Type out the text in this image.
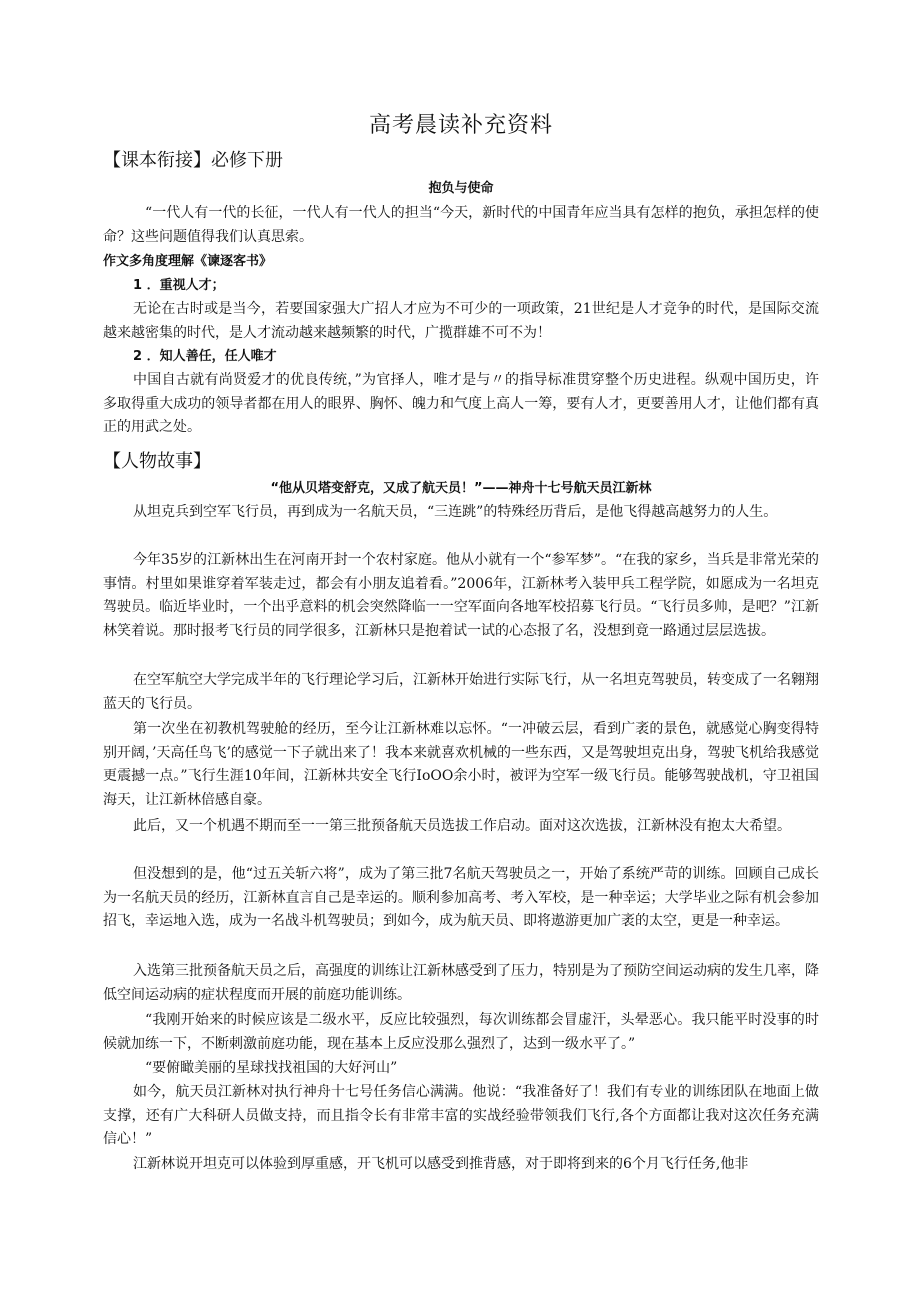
高考晨读补充资料
【课本衔接】必修下册
抱负与使命
“一代人有一代的长征，一代人有一代人的担当“今天，新时代的中国青年应当具有怎样的抱负，承担怎样的使命？这些问题值得我们认真思索。
作文多角度理解《谏逐客书》
1 ．重视人才；
无论在古时或是当今，若要国家强大广招人才应为不可少的一项政策，21世纪是人才竞争的时代，是国际交流越来越密集的时代，是人才流动越来越频繁的时代，广揽群雄不可不为！
2 ．知人善任，任人唯才
中国自古就有尚贤爱才的优良传统，”为官择人，唯才是与〃的指导标准贯穿整个历史进程。纵观中国历史，许多取得重大成功的领导者都在用人的眼界、胸怀、魄力和气度上高人一筹，要有人才，更要善用人才，让他们都有真正的用武之处。
【人物故事】
“他从贝塔变舒克，又成了航天员！”——神舟十七号航天员江新林
从坦克兵到空军飞行员，再到成为一名航天员，“三连跳”的特殊经历背后，是他飞得越高越努力的人生。
今年35岁的江新林出生在河南开封一个农村家庭。他从小就有一个“参军梦”。“在我的家乡，当兵是非常光荣的事情。村里如果谁穿着军装走过，都会有小朋友追着看。”2006年，江新林考入装甲兵工程学院，如愿成为一名坦克驾驶员。临近毕业时，一个出乎意料的机会突然降临一一空军面向各地军校招募飞行员。“飞行员多帅，是吧？”江新林笑着说。那时报考飞行员的同学很多，江新林只是抱着试一试的心态报了名，没想到竟一路通过层层选拔。
在空军航空大学完成半年的飞行理论学习后，江新林开始进行实际飞行，从一名坦克驾驶员，转变成了一名翱翔蓝天的飞行员。
第一次坐在初教机驾驶舱的经历，至今让江新林难以忘怀。“一冲破云层，看到广袤的景色，就感觉心胸变得特别开阔，’天高任鸟飞’的感觉一下子就出来了！我本来就喜欢机械的一些东西，又是驾驶坦克出身，驾驶飞机给我感觉更震撼一点。”飞行生涯10年间，江新林共安全飞行IoOO余小时，被评为空军一级飞行员。能够驾驶战机，守卫祖国海天，让江新林倍感自豪。
此后，又一个机遇不期而至一一第三批预备航天员选拔工作启动。面对这次选拔，江新林没有抱太大希望。
但没想到的是，他“过五关斩六将”，成为了第三批7名航天驾驶员之一，开始了系统严苛的训练。回顾自己成长为一名航天员的经历，江新林直言自己是幸运的。顺利参加高考、考入军校，是一种幸运；大学毕业之际有机会参加招飞，幸运地入选，成为一名战斗机驾驶员；到如今，成为航天员、即将遨游更加广袤的太空，更是一种幸运。
入选第三批预备航天员之后，高强度的训练让江新林感受到了压力，特别是为了预防空间运动病的发生几率，降低空间运动病的症状程度而开展的前庭功能训练。
“我刚开始来的时候应该是二级水平，反应比较强烈，每次训练都会冒虚汗，头晕恶心。我只能平时没事的时候就加练一下，不断刺激前庭功能，现在基本上反应没那么强烈了，达到一级水平了。”
“要俯瞰美丽的星球找找祖国的大好河山”
如今，航天员江新林对执行神舟十七号任务信心满满。他说：“我准备好了！我们有专业的训练团队在地面上做支撑，还有广大科研人员做支持，而且指令长有非常丰富的实战经验带领我们飞行,各个方面都让我对这次任务充满信心！”
江新林说开坦克可以体验到厚重感，开飞机可以感受到推背感，对于即将到来的6个月飞行任务,他非
